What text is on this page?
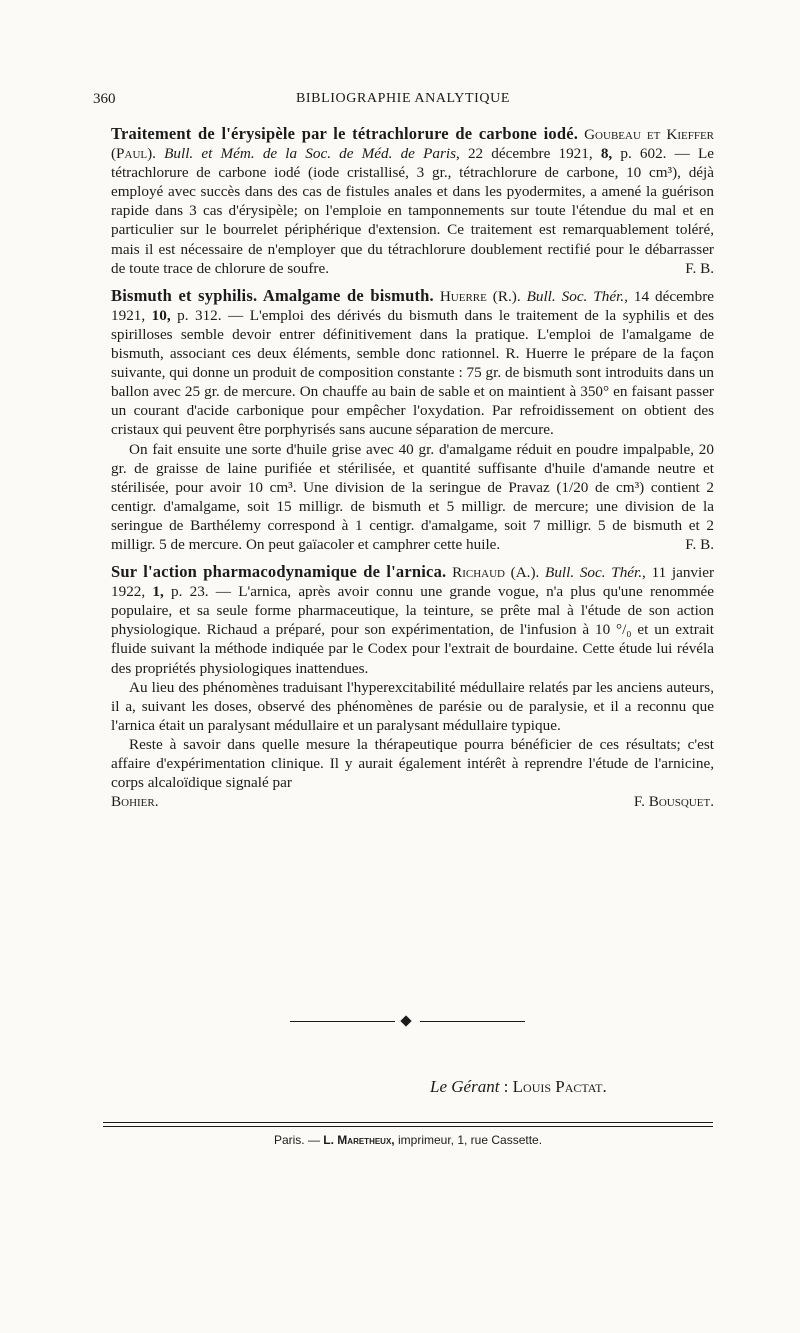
360	BIBLIOGRAPHIE ANALYTIQUE

Traitement de l'érysipèle par le tétrachlorure de carbone iodé. Goubeau et Kieffer (Paul). Bull. et Mém. de la Soc. de Méd. de Paris, 22 décembre 1921, 8, p. 602. — Le tétrachlorure de carbone iodé (iode cristallisé, 3 gr., tétrachlorure de carbone, 10 cm³), déjà employé avec succès dans des cas de fistules anales et dans les pyodermites, a amené la guérison rapide dans 3 cas d'érysipèle; on l'emploie en tamponnements sur toute l'étendue du mal et en particulier sur le bourrelet périphérique d'extension. Ce traitement est remarquablement toléré, mais il est nécessaire de n'employer que du tétrachlorure doublement rectifié pour le débarrasser de toute trace de chlorure de soufre.	F. B.

Bismuth et syphilis. Amalgame de bismuth. Huerre (R.). Bull. Soc. Thér., 14 décembre 1921, 10, p. 312. — L'emploi des dérivés du bismuth dans le traitement de la syphilis et des spirilloses semble devoir entrer définitivement dans la pratique. L'emploi de l'amalgame de bismuth, associant ces deux éléments, semble donc rationnel. R. Huerre le prépare de la façon suivante, qui donne un produit de composition constante : 75 gr. de bismuth sont introduits dans un ballon avec 25 gr. de mercure. On chauffe au bain de sable et on maintient à 350° en faisant passer un courant d'acide carbonique pour empêcher l'oxydation. Par refroidissement on obtient des cristaux qui peuvent être porphyrisés sans aucune séparation de mercure.

On fait ensuite une sorte d'huile grise avec 40 gr. d'amalgame réduit en poudre impalpable, 20 gr. de graisse de laine purifiée et stérilisée, et quantité suffisante d'huile d'amande neutre et stérilisée, pour avoir 10 cm³. Une division de la seringue de Pravaz (1/20 de cm³) contient 2 centigr. d'amalgame, soit 15 milligr. de bismuth et 5 milligr. de mercure; une division de la seringue de Barthélemy correspond à 1 centigr. d'amalgame, soit 7 milligr. 5 de bismuth et 2 milligr. 5 de mercure. On peut gaïacoler et camphrer cette huile.	F. B.

Sur l'action pharmacodynamique de l'arnica. Richaud (A.). Bull. Soc. Thér., 11 janvier 1922, 1, p. 23. — L'arnica, après avoir connu une grande vogue, n'a plus qu'une renommée populaire, et sa seule forme pharmaceutique, la teinture, se prête mal à l'étude de son action physiologique. Richaud a préparé, pour son expérimentation, de l'infusion à 10 °/₀ et un extrait fluide suivant la méthode indiquée par le Codex pour l'extrait de bourdaine. Cette étude lui révéla des propriétés physiologiques inattendues.

Au lieu des phénomènes traduisant l'hyperexcitabilité médullaire relatés par les anciens auteurs, il a, suivant les doses, observé des phénomènes de parésie ou de paralysie, et il a reconnu que l'arnica était un paralysant médullaire et un paralysant médullaire typique.

Reste à savoir dans quelle mesure la thérapeutique pourra bénéficier de ces résultats; c'est affaire d'expérimentation clinique. Il y aurait également intérêt à reprendre l'étude de l'arnicine, corps alcaloïdique signalé par

Bohier.	F. Bousquet.

Le Gérant : Louis Pactat.
Paris. — L. Maretheux, imprimeur, 1, rue Cassette.
